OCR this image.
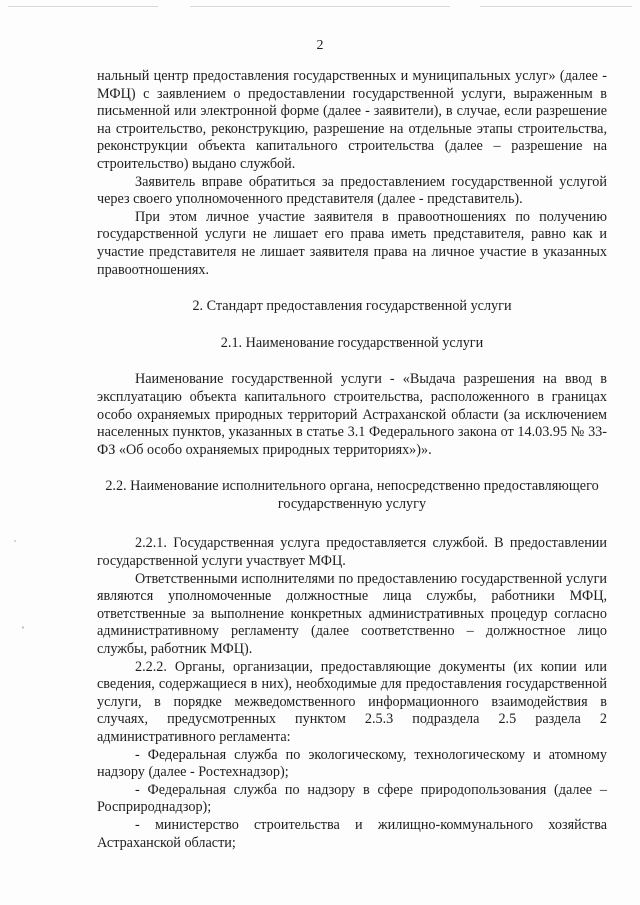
2

нальный центр предоставления государственных и муниципальных услуг» (далее - МФЦ) с заявлением о предоставлении государственной услуги, выраженным в письменной или электронной форме (далее - заявители), в случае, если разрешение на строительство, реконструкцию, разрешение на отдельные этапы строительства, реконструкции объекта капитального строительства (далее – разрешение на строительство) выдано службой.

Заявитель вправе обратиться за предоставлением государственной услугой через своего уполномоченного представителя (далее - представитель).

При этом личное участие заявителя в правоотношениях по получению государственной услуги не лишает его права иметь представителя, равно как и участие представителя не лишает заявителя права на личное участие в указанных правоотношениях.

2. Стандарт предоставления государственной услуги

2.1. Наименование государственной услуги

Наименование государственной услуги - «Выдача разрешения на ввод в эксплуатацию объекта капитального строительства, расположенного в границах особо охраняемых природных территорий Астраханской области (за исключением населенных пунктов, указанных в статье 3.1 Федерального закона от 14.03.95 № 33-ФЗ «Об особо охраняемых природных территориях»)».

2.2. Наименование исполнительного органа, непосредственно предоставляющего государственную услугу

2.2.1. Государственная услуга предоставляется службой. В предоставлении государственной услуги участвует МФЦ.

Ответственными исполнителями по предоставлению государственной услуги являются уполномоченные должностные лица службы, работники МФЦ, ответственные за выполнение конкретных административных процедур согласно административному регламенту (далее соответственно – должностное лицо службы, работник МФЦ).

2.2.2. Органы, организации, предоставляющие документы (их копии или сведения, содержащиеся в них), необходимые для предоставления государственной услуги, в порядке межведомственного информационного взаимодействия в случаях, предусмотренных пунктом 2.5.3 подраздела 2.5 раздела 2 административного регламента:

- Федеральная служба по экологическому, технологическому и атомному надзору (далее - Ростехнадзор);

- Федеральная служба по надзору в сфере природопользования (далее – Росприроднадзор);

- министерство строительства и жилищно-коммунального хозяйства Астраханской области;
